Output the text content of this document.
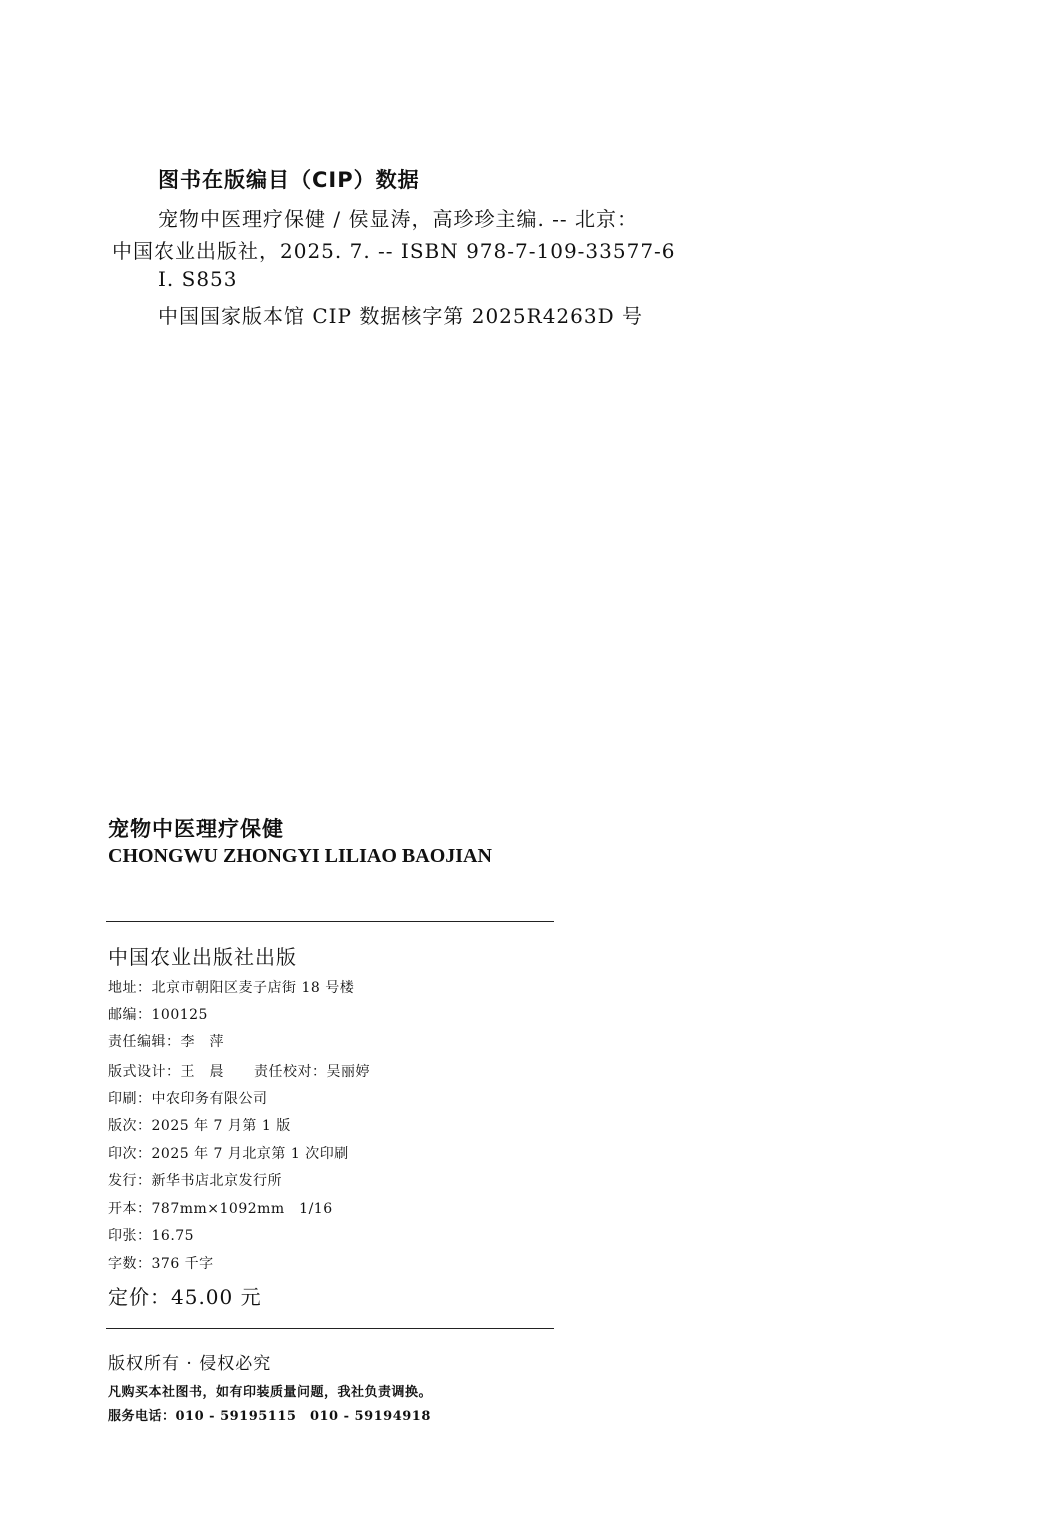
图书在版编目（CIP）数据
宠物中医理疗保健 / 侯显涛，高珍珍主编. -- 北京：
中国农业出版社，2025. 7. -- ISBN 978-7-109-33577-6
Ⅰ. S853
中国国家版本馆 CIP 数据核字第 2025R4263D 号
宠物中医理疗保健
CHONGWU ZHONGYI LILIAO BAOJIAN
中国农业出版社出版
地址：北京市朝阳区麦子店街 18 号楼
邮编：100125
责任编辑：李　萍
版式设计：王　晨 责任校对：吴丽婷
印刷：中农印务有限公司
版次：2025 年 7 月第 1 版
印次：2025 年 7 月北京第 1 次印刷
发行：新华书店北京发行所
开本：787mm×1092mm　1/16
印张：16.75
字数：376 千字
定价：45.00 元
版权所有 · 侵权必究
凡购买本社图书，如有印装质量问题，我社负责调换。
服务电话：010 - 59195115　010 - 59194918
